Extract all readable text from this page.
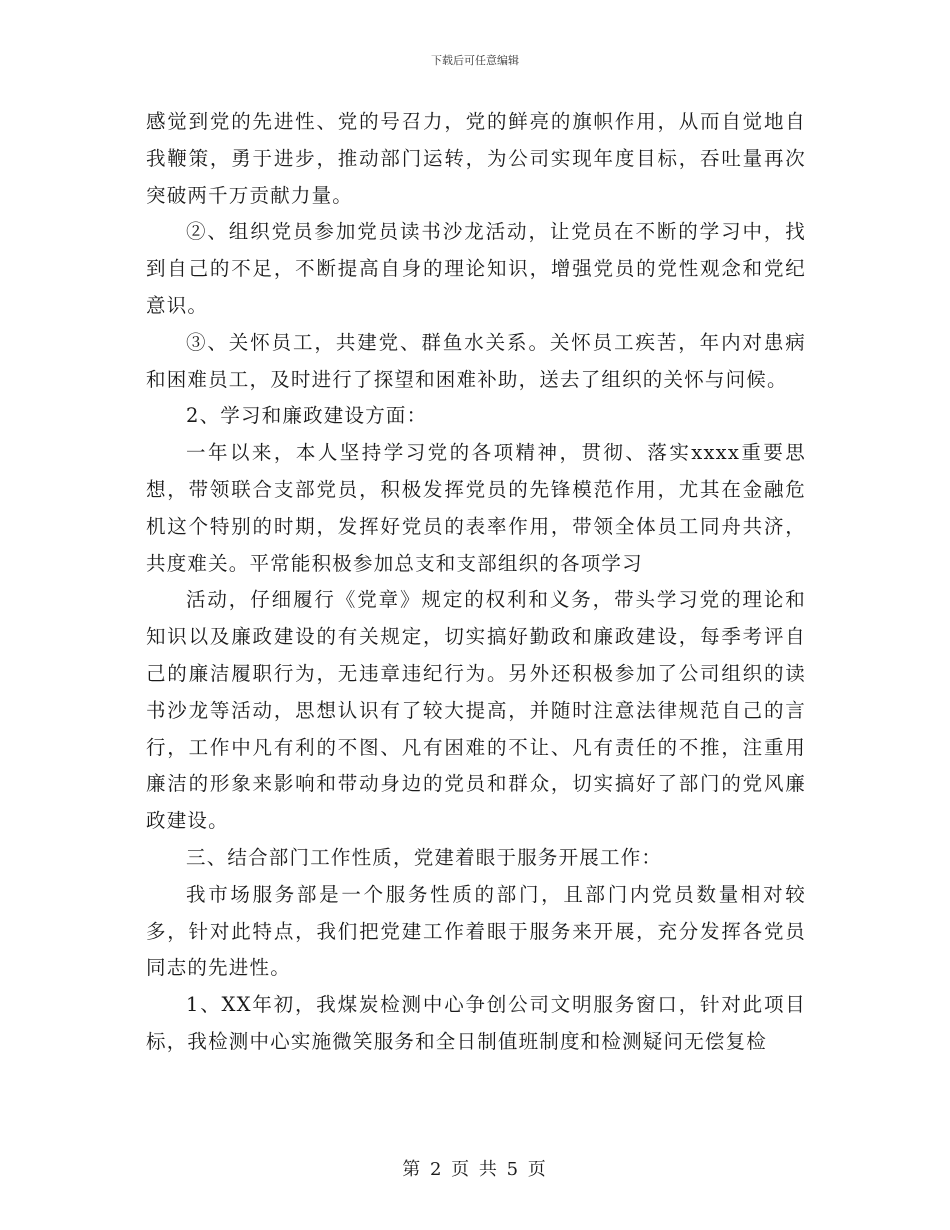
下载后可任意编辑

感觉到党的先进性、党的号召力，党的鲜亮的旗帜作用，从而自觉地自我鞭策，勇于进步，推动部门运转，为公司实现年度目标，吞吐量再次突破两千万贡献力量。

②、组织党员参加党员读书沙龙活动，让党员在不断的学习中，找到自己的不足，不断提高自身的理论知识，增强党员的党性观念和党纪意识。

③、关怀员工，共建党、群鱼水关系。关怀员工疾苦，年内对患病和困难员工，及时进行了探望和困难补助，送去了组织的关怀与问候。

2、学习和廉政建设方面：

一年以来，本人坚持学习党的各项精神，贯彻、落实xxxx重要思想，带领联合支部党员，积极发挥党员的先锋模范作用，尤其在金融危机这个特别的时期，发挥好党员的表率作用，带领全体员工同舟共济，共度难关。平常能积极参加总支和支部组织的各项学习

活动，仔细履行《党章》规定的权利和义务，带头学习党的理论和知识以及廉政建设的有关规定，切实搞好勤政和廉政建设，每季考评自己的廉洁履职行为，无违章违纪行为。另外还积极参加了公司组织的读书沙龙等活动，思想认识有了较大提高，并随时注意法律规范自己的言行，工作中凡有利的不图、凡有困难的不让、凡有责任的不推，注重用廉洁的形象来影响和带动身边的党员和群众，切实搞好了部门的党风廉政建设。

三、结合部门工作性质，党建着眼于服务开展工作：

我市场服务部是一个服务性质的部门，且部门内党员数量相对较多，针对此特点，我们把党建工作着眼于服务来开展，充分发挥各党员同志的先进性。

1、XX年初，我煤炭检测中心争创公司文明服务窗口，针对此项目标，我检测中心实施微笑服务和全日制值班制度和检测疑问无偿复检

第 2 页 共 5 页
